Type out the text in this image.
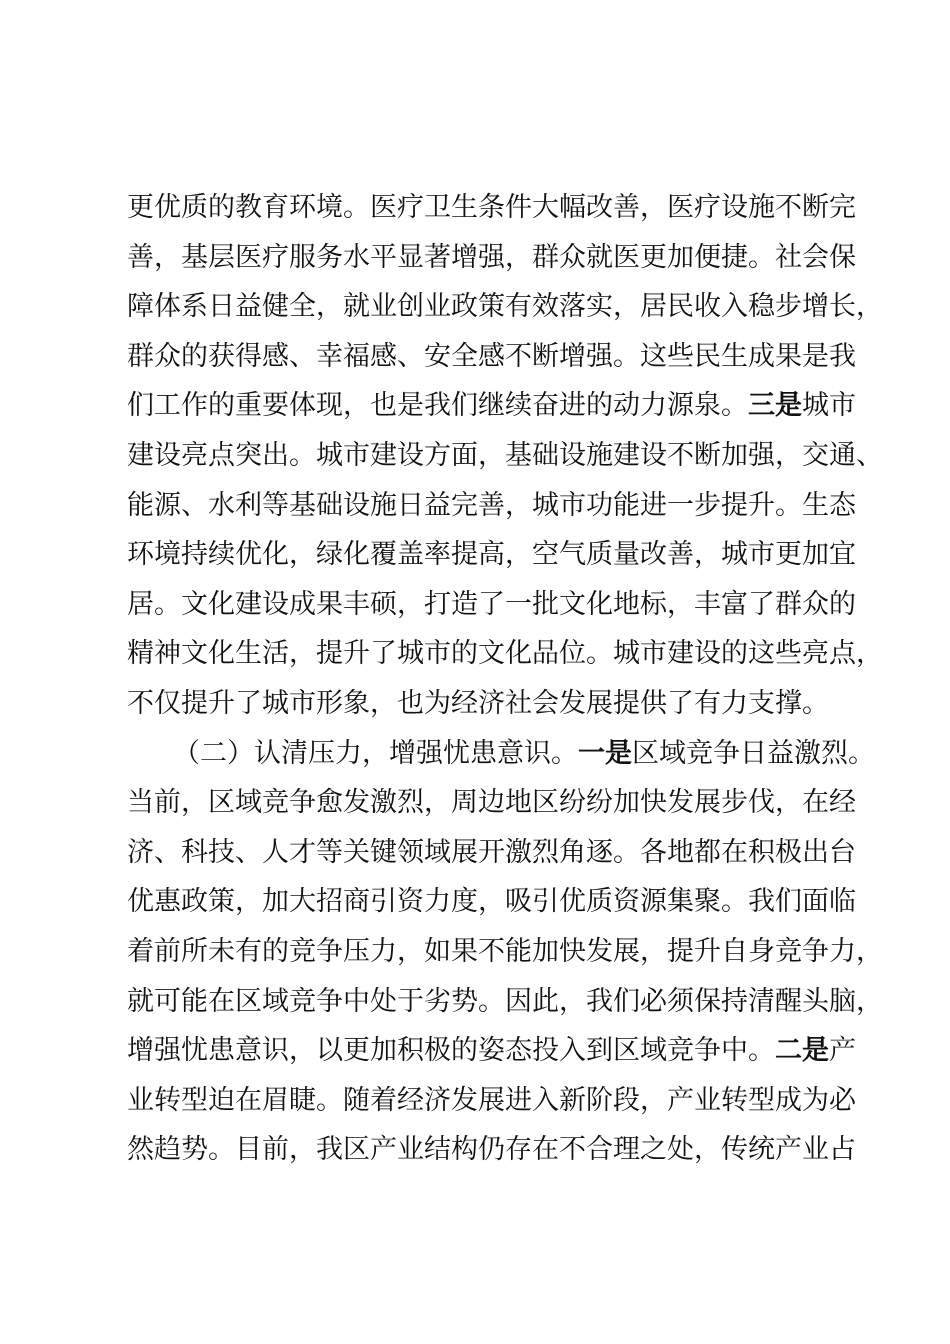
更优质的教育环境。医疗卫生条件大幅改善，医疗设施不断完
善，基层医疗服务水平显著增强，群众就医更加便捷。社会保
障体系日益健全，就业创业政策有效落实，居民收入稳步增长，
群众的获得感、幸福感、安全感不断增强。这些民生成果是我
们工作的重要体现，也是我们继续奋进的动力源泉。三是城市
建设亮点突出。城市建设方面，基础设施建设不断加强，交通、
能源、水利等基础设施日益完善，城市功能进一步提升。生态
环境持续优化，绿化覆盖率提高，空气质量改善，城市更加宜
居。文化建设成果丰硕，打造了一批文化地标，丰富了群众的
精神文化生活，提升了城市的文化品位。城市建设的这些亮点，
不仅提升了城市形象，也为经济社会发展提供了有力支撑。
（二）认清压力，增强忧患意识。一是区域竞争日益激烈。
当前，区域竞争愈发激烈，周边地区纷纷加快发展步伐，在经
济、科技、人才等关键领域展开激烈角逐。各地都在积极出台
优惠政策，加大招商引资力度，吸引优质资源集聚。我们面临
着前所未有的竞争压力，如果不能加快发展，提升自身竞争力，
就可能在区域竞争中处于劣势。因此，我们必须保持清醒头脑，
增强忧患意识，以更加积极的姿态投入到区域竞争中。二是产
业转型迫在眉睫。随着经济发展进入新阶段，产业转型成为必
然趋势。目前，我区产业结构仍存在不合理之处，传统产业占
